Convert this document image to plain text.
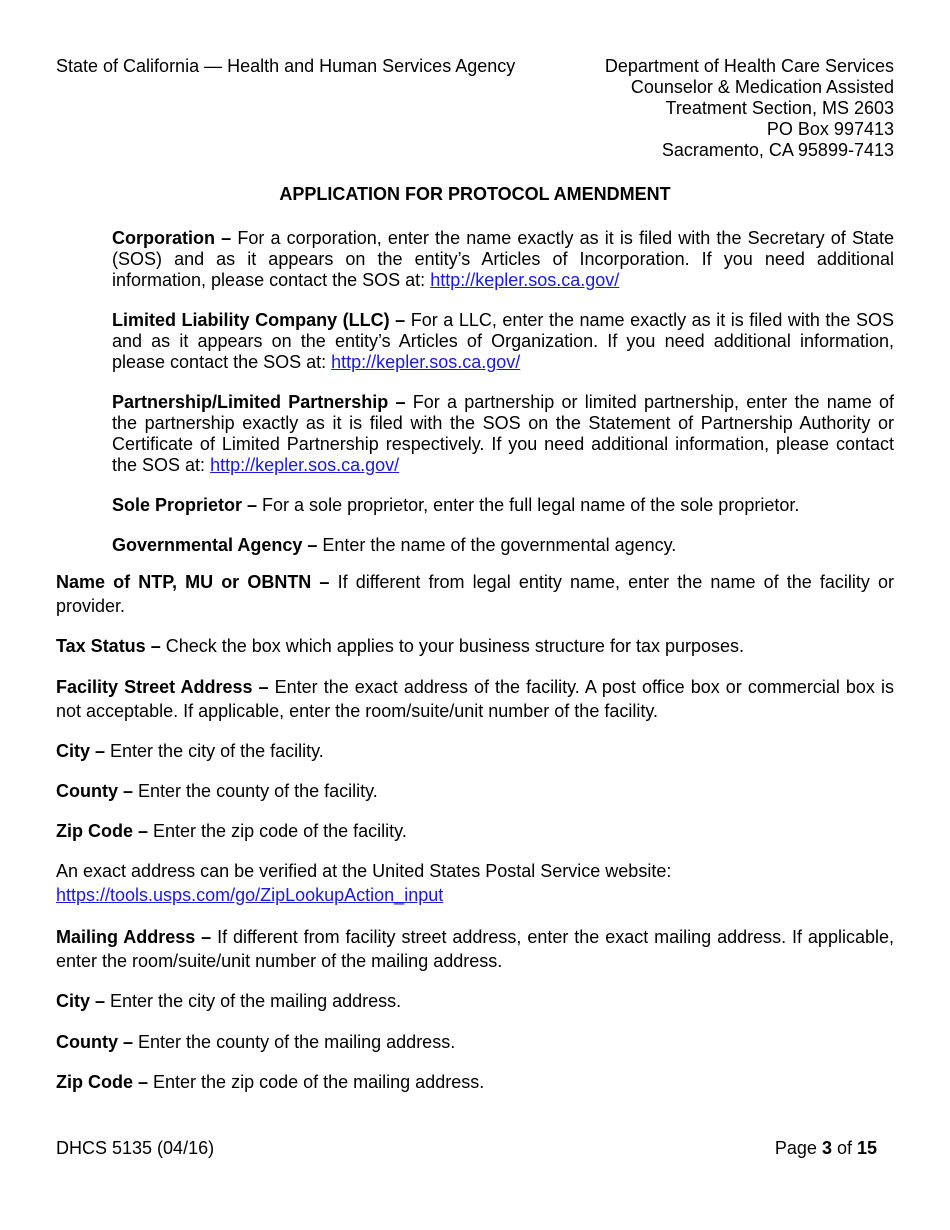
State of California — Health and Human Services Agency	Department of Health Care Services
Counselor & Medication Assisted
Treatment Section, MS 2603
PO Box 997413
Sacramento, CA 95899-7413
APPLICATION FOR PROTOCOL AMENDMENT
Corporation – For a corporation, enter the name exactly as it is filed with the Secretary of State (SOS) and as it appears on the entity’s Articles of Incorporation. If you need additional information, please contact the SOS at: http://kepler.sos.ca.gov/
Limited Liability Company (LLC) – For a LLC, enter the name exactly as it is filed with the SOS and as it appears on the entity’s Articles of Organization. If you need additional information, please contact the SOS at: http://kepler.sos.ca.gov/
Partnership/Limited Partnership – For a partnership or limited partnership, enter the name of the partnership exactly as it is filed with the SOS on the Statement of Partnership Authority or Certificate of Limited Partnership respectively. If you need additional information, please contact the SOS at: http://kepler.sos.ca.gov/
Sole Proprietor – For a sole proprietor, enter the full legal name of the sole proprietor.
Governmental Agency – Enter the name of the governmental agency.
Name of NTP, MU or OBNTN – If different from legal entity name, enter the name of the facility or provider.
Tax Status – Check the box which applies to your business structure for tax purposes.
Facility Street Address – Enter the exact address of the facility. A post office box or commercial box is not acceptable. If applicable, enter the room/suite/unit number of the facility.
City – Enter the city of the facility.
County – Enter the county of the facility.
Zip Code – Enter the zip code of the facility.
An exact address can be verified at the United States Postal Service website:
https://tools.usps.com/go/ZipLookupAction_input
Mailing Address – If different from facility street address, enter the exact mailing address. If applicable, enter the room/suite/unit number of the mailing address.
City – Enter the city of the mailing address.
County – Enter the county of the mailing address.
Zip Code – Enter the zip code of the mailing address.
DHCS 5135 (04/16)	Page 3 of 15
